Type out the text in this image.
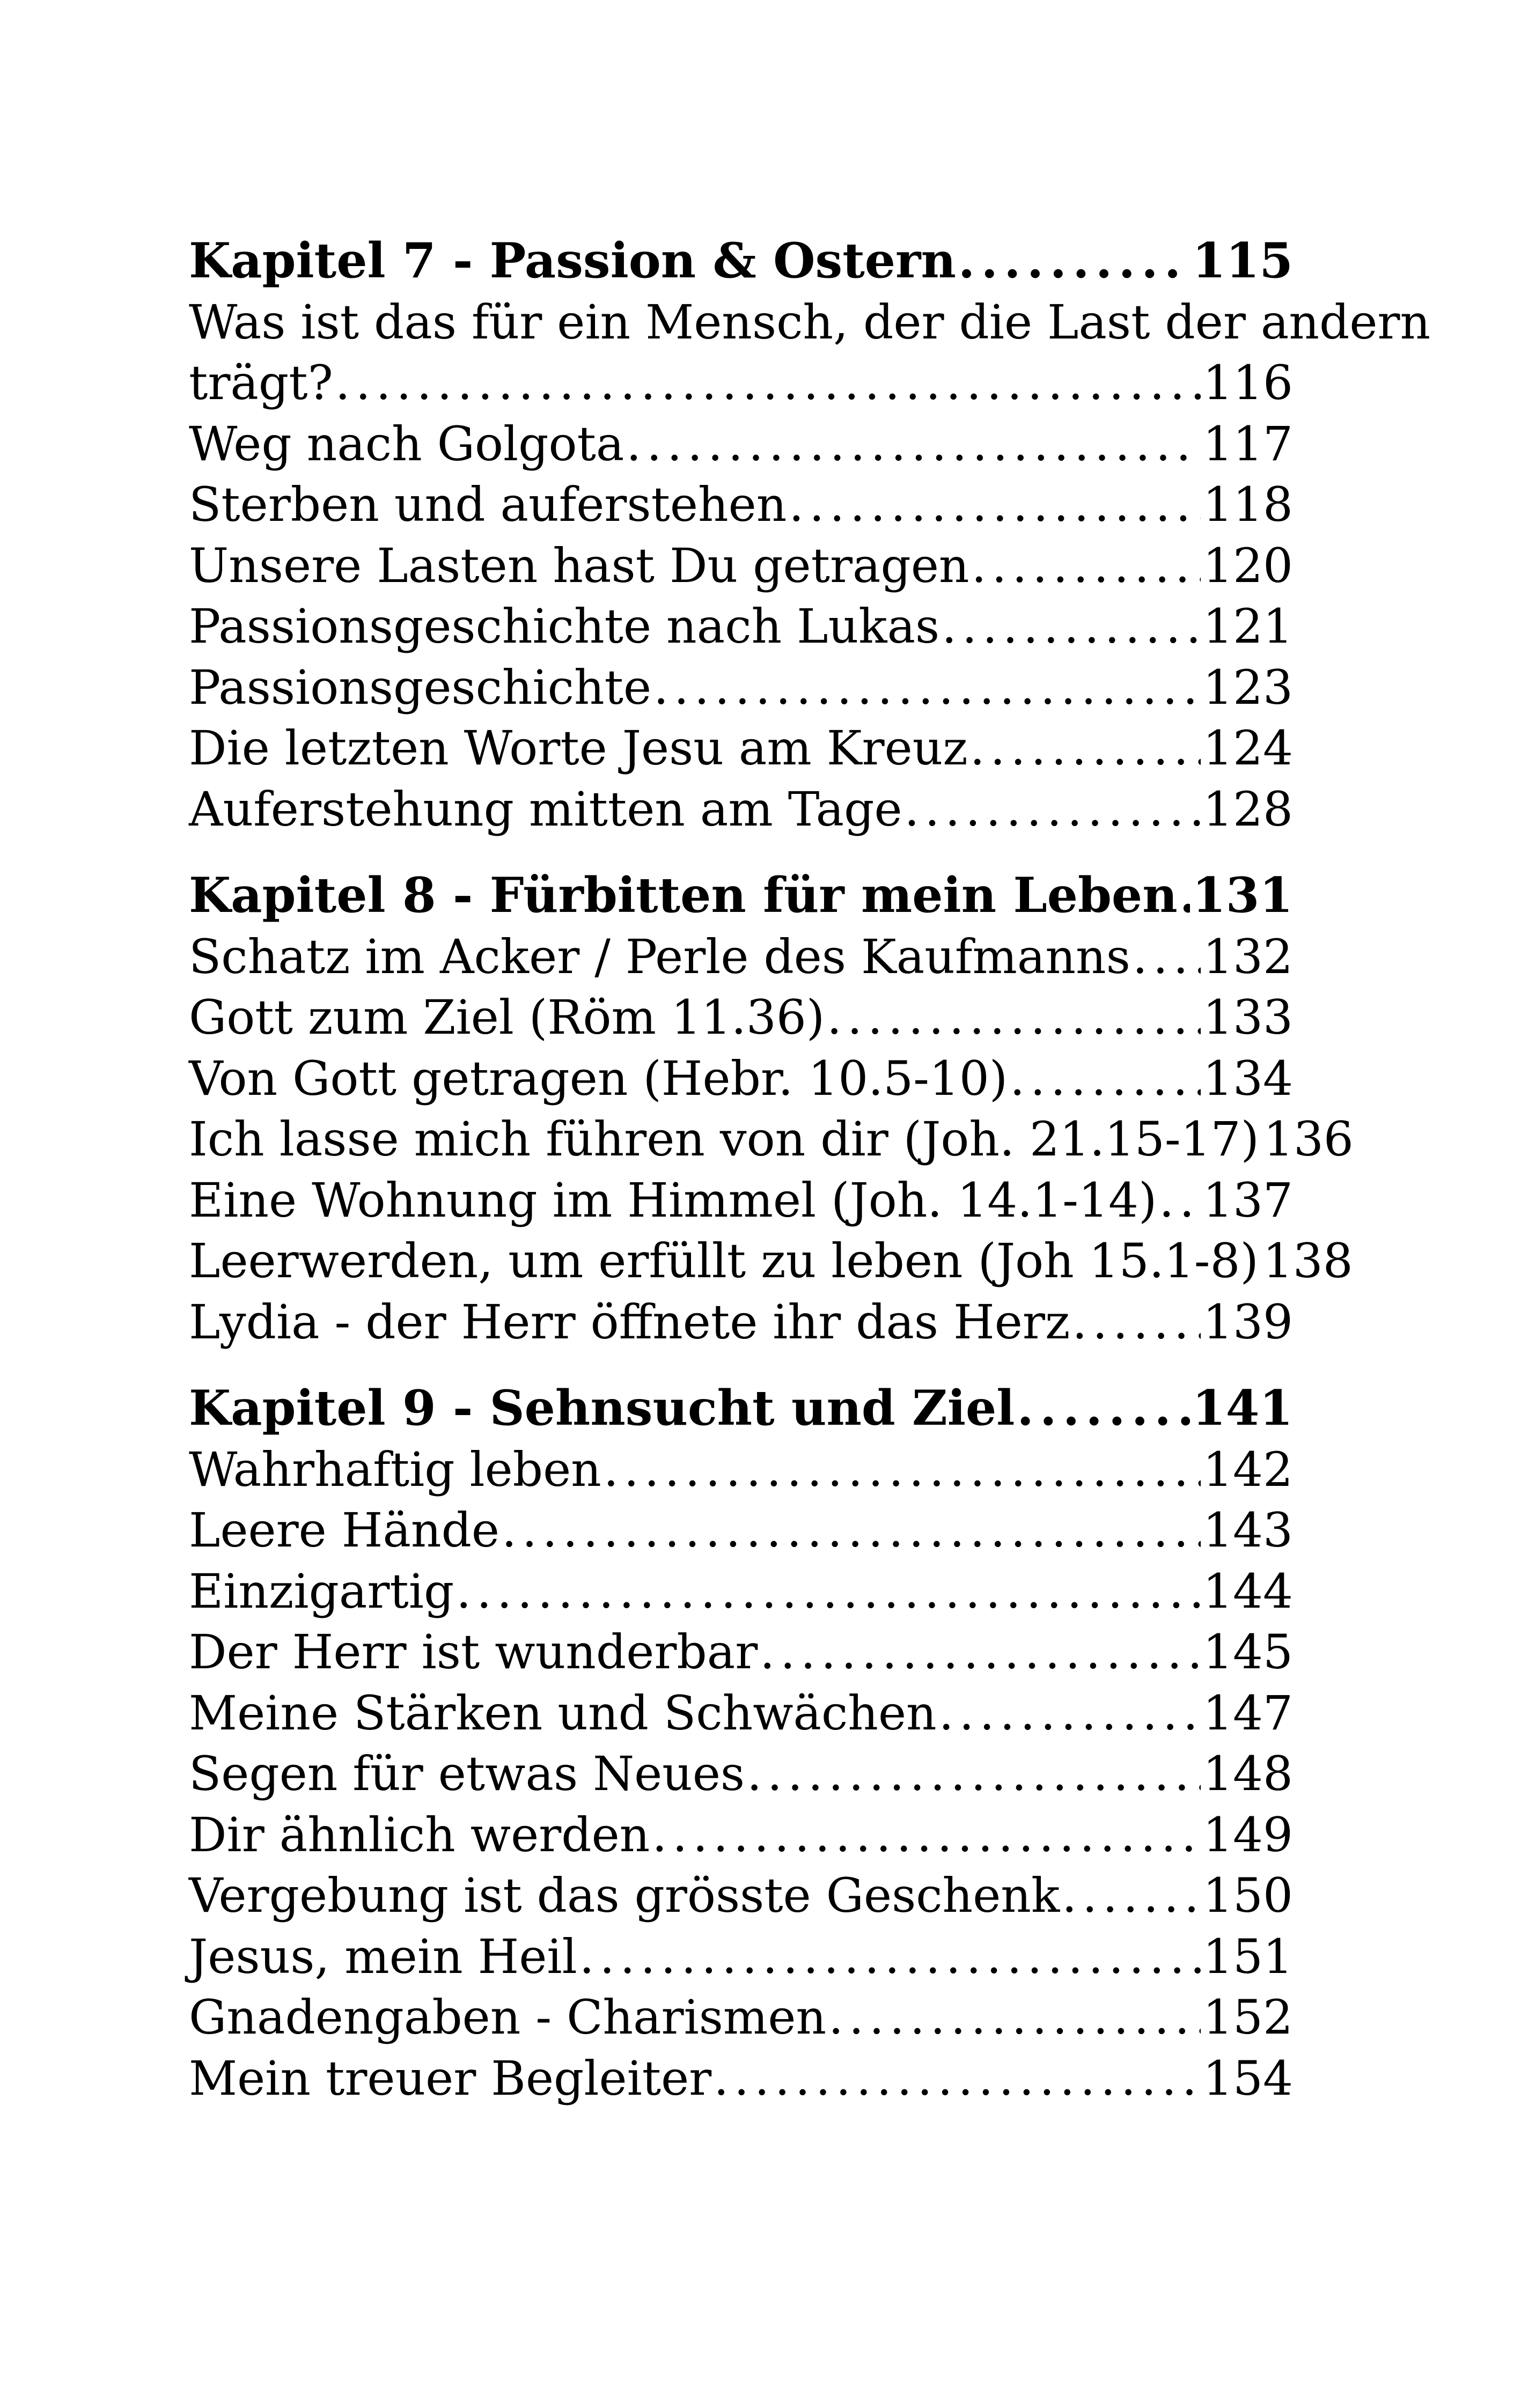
Kapitel 7 - Passion & Ostern . . .	115
Was ist das für ein Mensch, der die Last der andern
trägt? . . .	116
Weg nach Golgota . . .	117
Sterben und auferstehen . . .	118
Unsere Lasten hast Du getragen . . .	120
Passionsgeschichte nach Lukas . . .	121
Passionsgeschichte . . .	123
Die letzten Worte Jesu am Kreuz . . .	124
Auferstehung mitten am Tage . . .	128
Kapitel 8 - Fürbitten für mein Leben . . . 131
Schatz im Acker / Perle des Kaufmanns . . . 132
Gott zum Ziel (Röm 11.36) . . .	133
Von Gott getragen (Hebr. 10.5-10) . . .	134
Ich lasse mich führen von dir (Joh. 21.15-17) 136
Eine Wohnung im Himmel (Joh. 14.1-14) . . . 137
Leerwerden, um erfüllt zu leben (Joh 15.1-8) 138
Lydia - der Herr öffnete ihr das Herz . . .	139
Kapitel 9 - Sehnsucht und Ziel . . .	141
Wahrhaftig leben . . .	142
Leere Hände . . .	143
Einzigartig . . .	144
Der Herr ist wunderbar . . .	145
Meine Stärken und Schwächen . . .	147
Segen für etwas Neues . . .	148
Dir ähnlich werden . . .	149
Vergebung ist das grösste Geschenk . . .	150
Jesus, mein Heil . . .	151
Gnadengaben - Charismen . . .	152
Mein treuer Begleiter . . .	154
